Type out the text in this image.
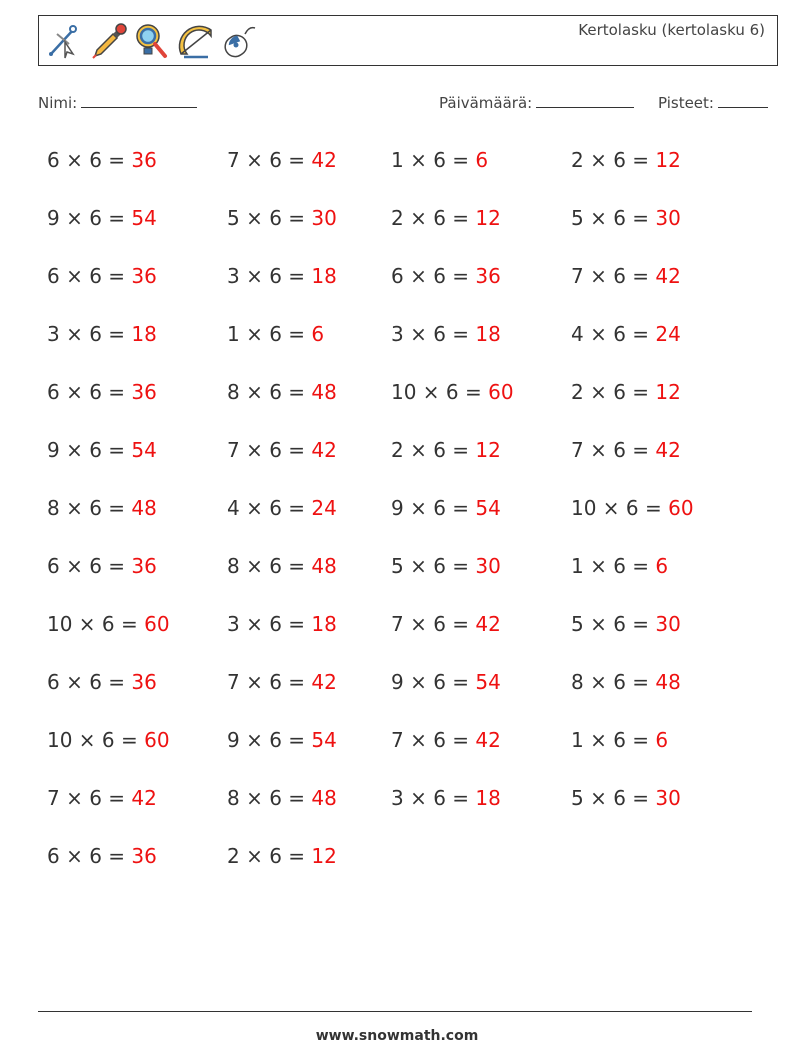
Kertolasku (kertolasku 6)
Nimi:	Päivämäärä:	Pisteet:
6 × 6 = 36	7 × 6 = 42	1 × 6 = 6	2 × 6 = 12
9 × 6 = 54	5 × 6 = 30	2 × 6 = 12	5 × 6 = 30
6 × 6 = 36	3 × 6 = 18	6 × 6 = 36	7 × 6 = 42
3 × 6 = 18	1 × 6 = 6	3 × 6 = 18	4 × 6 = 24
6 × 6 = 36	8 × 6 = 48	10 × 6 = 60	2 × 6 = 12
9 × 6 = 54	7 × 6 = 42	2 × 6 = 12	7 × 6 = 42
8 × 6 = 48	4 × 6 = 24	9 × 6 = 54	10 × 6 = 60
6 × 6 = 36	8 × 6 = 48	5 × 6 = 30	1 × 6 = 6
10 × 6 = 60	3 × 6 = 18	7 × 6 = 42	5 × 6 = 30
6 × 6 = 36	7 × 6 = 42	9 × 6 = 54	8 × 6 = 48
10 × 6 = 60	9 × 6 = 54	7 × 6 = 42	1 × 6 = 6
7 × 6 = 42	8 × 6 = 48	3 × 6 = 18	5 × 6 = 30
6 × 6 = 36	2 × 6 = 12
www.snowmath.com
